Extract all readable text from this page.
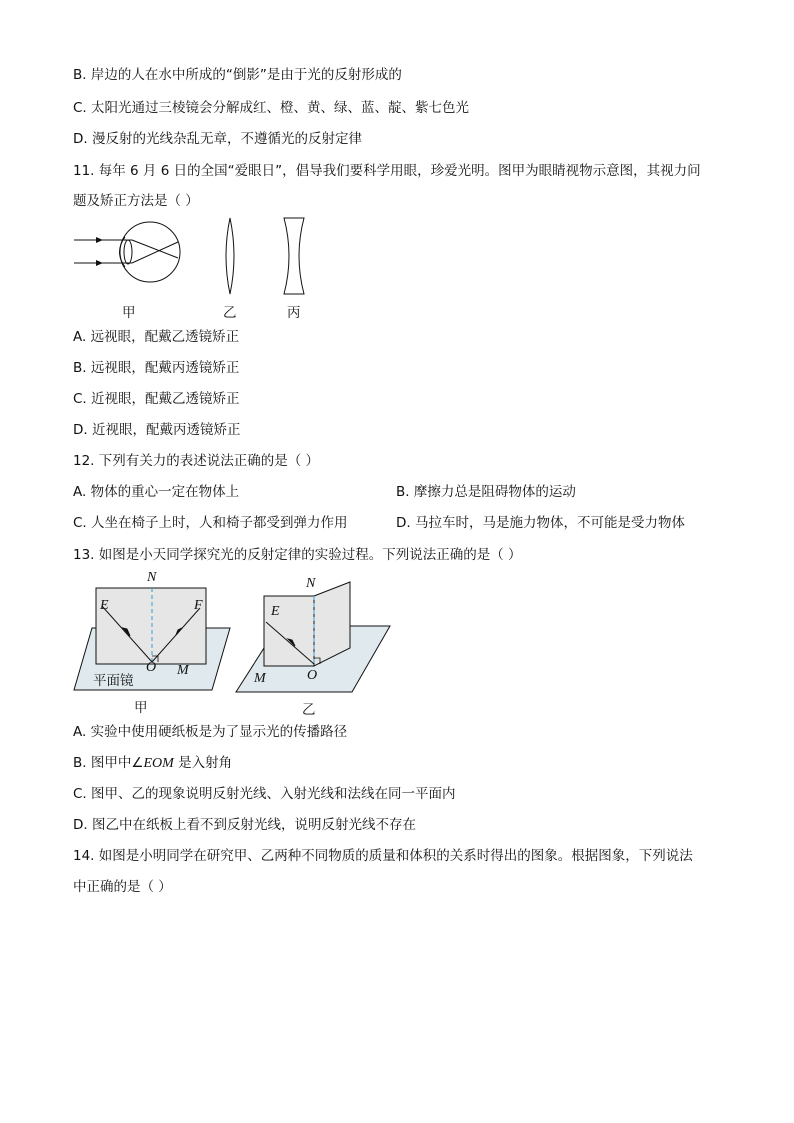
B. 岸边的人在水中所成的“倒影”是由于光的反射形成的
C. 太阳光通过三棱镜会分解成红、橙、黄、绿、蓝、靛、紫七色光
D. 漫反射的光线杂乱无章，不遵循光的反射定律
11. 每年 6 月 6 日的全国“爱眼日”，倡导我们要科学用眼，珍爱光明。图甲为眼睛视物示意图，其视力问
题及矫正方法是（ ）
甲	乙	丙
A. 远视眼，配戴乙透镜矫正
B. 远视眼，配戴丙透镜矫正
C. 近视眼，配戴乙透镜矫正
D. 近视眼，配戴丙透镜矫正
12. 下列有关力的表述说法正确的是（ ）
A. 物体的重心一定在物体上	B. 摩擦力总是阻碍物体的运动
C. 人坐在椅子上时，人和椅子都受到弹力作用	D. 马拉车时，马是施力物体，不可能是受力物体
13. 如图是小天同学探究光的反射定律的实验过程。下列说法正确的是（ ）
N
E	F
O M
平面镜
甲
N
E
O
M
乙
A. 实验中使用硬纸板是为了显示光的传播路径
B. 图甲中∠EOM 是入射角
C. 图甲、乙的现象说明反射光线、入射光线和法线在同一平面内
D. 图乙中在纸板上看不到反射光线，说明反射光线不存在
14. 如图是小明同学在研究甲、乙两种不同物质的质量和体积的关系时得出的图象。根据图象，下列说法
中正确的是（ ）
